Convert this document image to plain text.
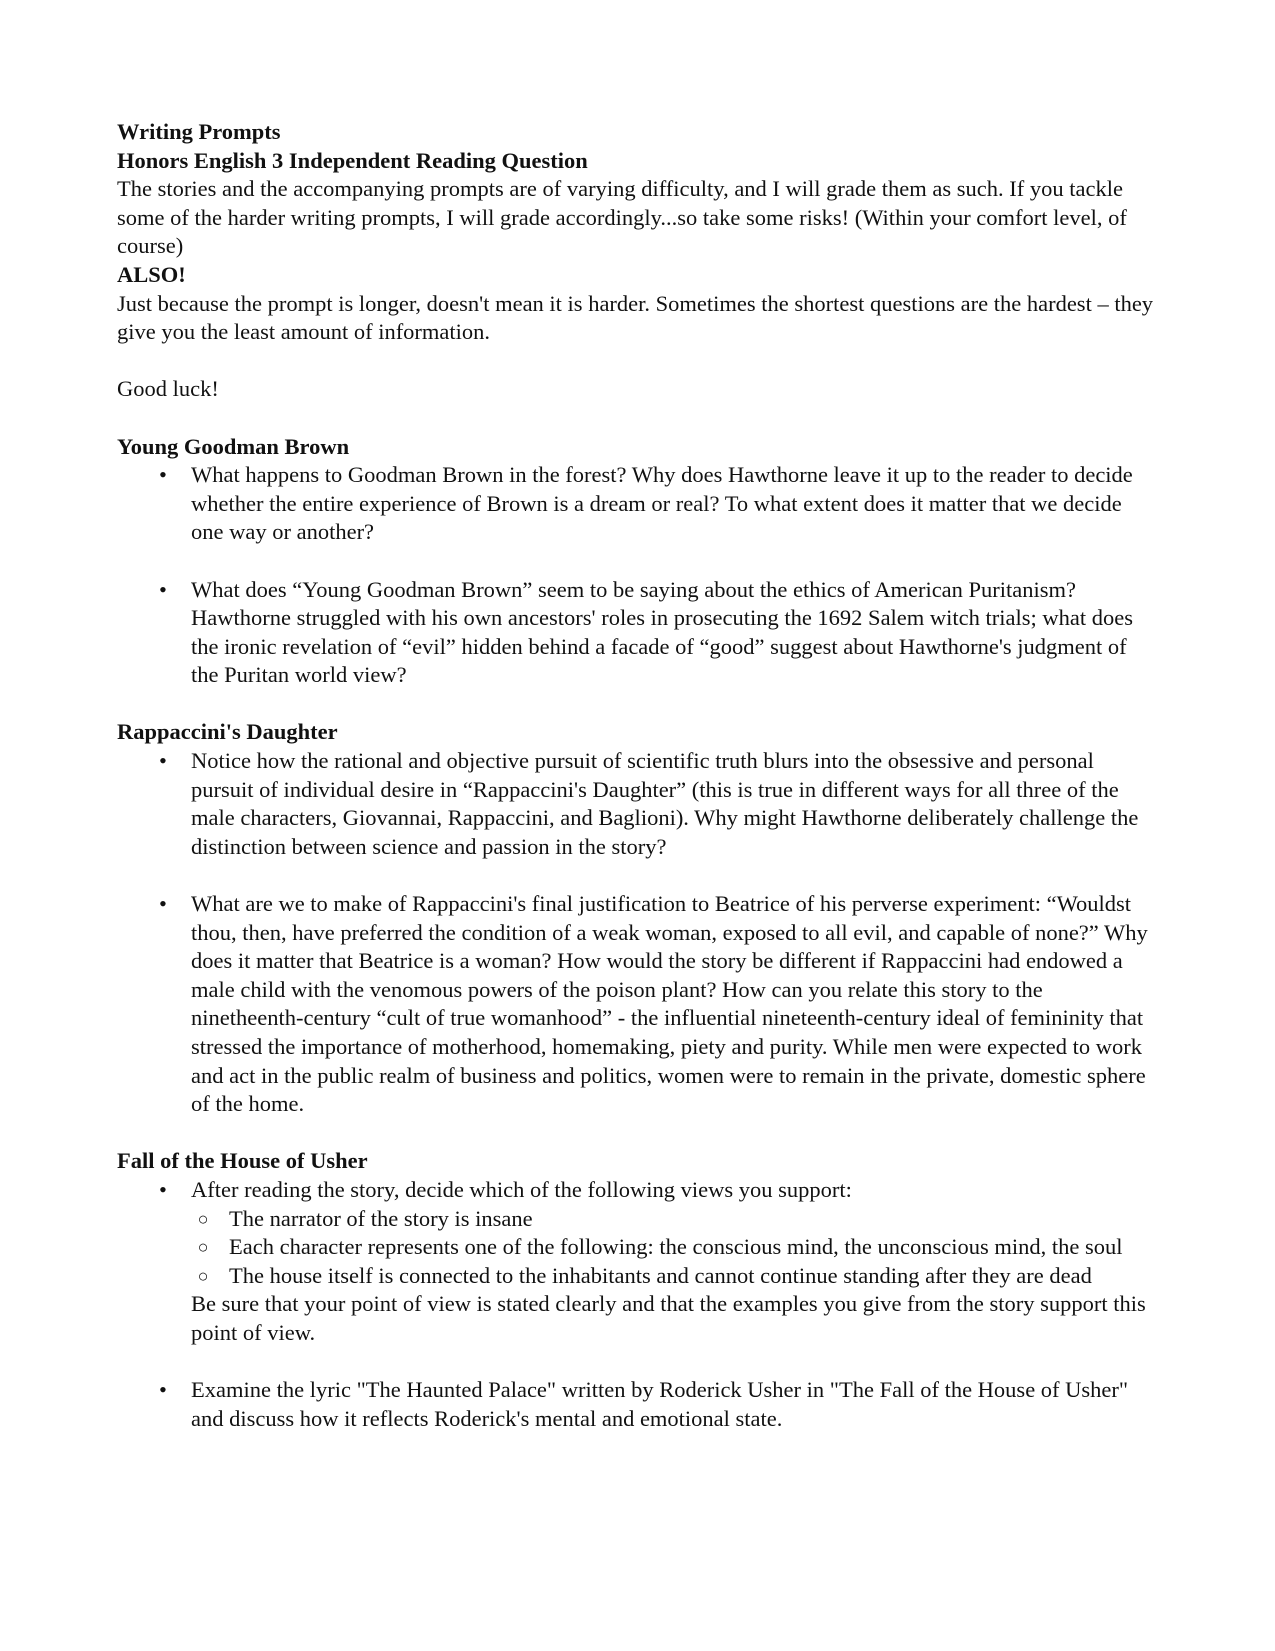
Writing Prompts

Honors English 3 Independent Reading Question

The stories and the accompanying prompts are of varying difficulty, and I will grade them as such. If you tackle some of the harder writing prompts, I will grade accordingly...so take some risks! (Within your comfort level, of course)

ALSO!

Just because the prompt is longer, doesn't mean it is harder. Sometimes the shortest questions are the hardest – they give you the least amount of information.

Good luck!

Young Goodman Brown

• What happens to Goodman Brown in the forest? Why does Hawthorne leave it up to the reader to decide whether the entire experience of Brown is a dream or real? To what extent does it matter that we decide one way or another?
• What does “Young Goodman Brown” seem to be saying about the ethics of American Puritanism? Hawthorne struggled with his own ancestors' roles in prosecuting the 1692 Salem witch trials; what does the ironic revelation of “evil” hidden behind a facade of “good” suggest about Hawthorne's judgment of the Puritan world view?

Rappaccini's Daughter

• Notice how the rational and objective pursuit of scientific truth blurs into the obsessive and personal pursuit of individual desire in “Rappaccini's Daughter” (this is true in different ways for all three of the male characters, Giovannai, Rappaccini, and Baglioni). Why might Hawthorne deliberately challenge the distinction between science and passion in the story?
• What are we to make of Rappaccini's final justification to Beatrice of his perverse experiment: “Wouldst thou, then, have preferred the condition of a weak woman, exposed to all evil, and capable of none?” Why does it matter that Beatrice is a woman? How would the story be different if Rappaccini had endowed a male child with the venomous powers of the poison plant? How can you relate this story to the ninetheenth-century “cult of true womanhood” - the influential nineteenth-century ideal of femininity that stressed the importance of motherhood, homemaking, piety and purity. While men were expected to work and act in the public realm of business and politics, women were to remain in the private, domestic sphere of the home.

Fall of the House of Usher

• After reading the story, decide which of the following views you support:
○ The narrator of the story is insane
○ Each character represents one of the following: the conscious mind, the unconscious mind, the soul
○ The house itself is connected to the inhabitants and cannot continue standing after they are dead

Be sure that your point of view is stated clearly and that the examples you give from the story support this point of view.

• Examine the lyric "The Haunted Palace" written by Roderick Usher in "The Fall of the House of Usher" and discuss how it reflects Roderick's mental and emotional state.
